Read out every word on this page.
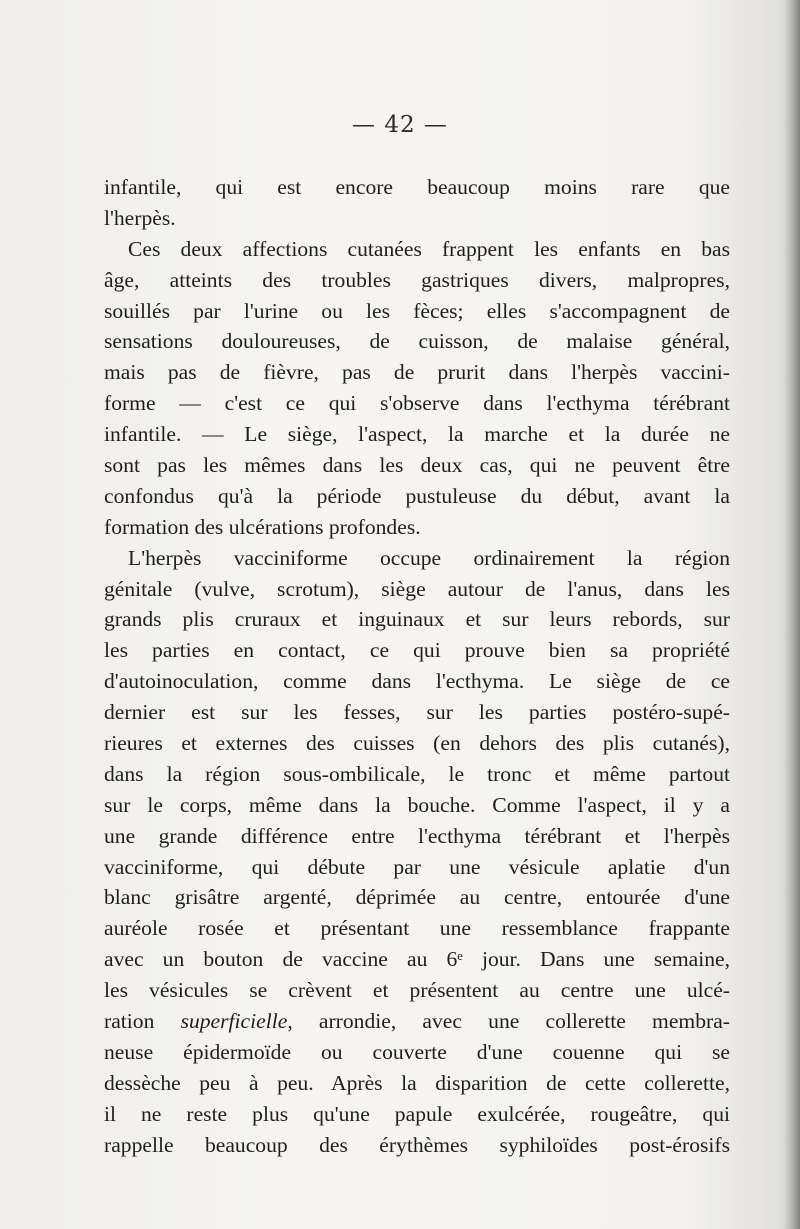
— 42 —
infantile, qui est encore beaucoup moins rare que
l'herpès.
Ces deux affections cutanées frappent les enfants en bas
âge, atteints des troubles gastriques divers, malpropres,
souillés par l'urine ou les fèces; elles s'accompagnent de
sensations douloureuses, de cuisson, de malaise général,
mais pas de fièvre, pas de prurit dans l'herpès vaccini-
forme — c'est ce qui s'observe dans l'ecthyma térébrant
infantile. — Le siège, l'aspect, la marche et la durée ne
sont pas les mêmes dans les deux cas, qui ne peuvent être
confondus qu'à la période pustuleuse du début, avant la
formation des ulcérations profondes.
L'herpès vacciniforme occupe ordinairement la région
génitale (vulve, scrotum), siège autour de l'anus, dans les
grands plis cruraux et inguinaux et sur leurs rebords, sur
les parties en contact, ce qui prouve bien sa propriété
d'autoinoculation, comme dans l'ecthyma. Le siège de ce
dernier est sur les fesses, sur les parties postéro-supé-
rieures et externes des cuisses (en dehors des plis cutanés),
dans la région sous-ombilicale, le tronc et même partout
sur le corps, même dans la bouche. Comme l'aspect, il y a
une grande différence entre l'ecthyma térébrant et l'herpès
vacciniforme, qui débute par une vésicule aplatie d'un
blanc grisâtre argenté, déprimée au centre, entourée d'une
auréole rosée et présentant une ressemblance frappante
avec un bouton de vaccine au 6ᵉ jour. Dans une semaine,
les vésicules se crèvent et présentent au centre une ulcé-
ration superficielle, arrondie, avec une collerette membra-
neuse épidermoïde ou couverte d'une couenne qui se
dessèche peu à peu. Après la disparition de cette collerette,
il ne reste plus qu'une papule exulcérée, rougeâtre, qui
rappelle beaucoup des érythèmes syphiloïdes post-érosifs
